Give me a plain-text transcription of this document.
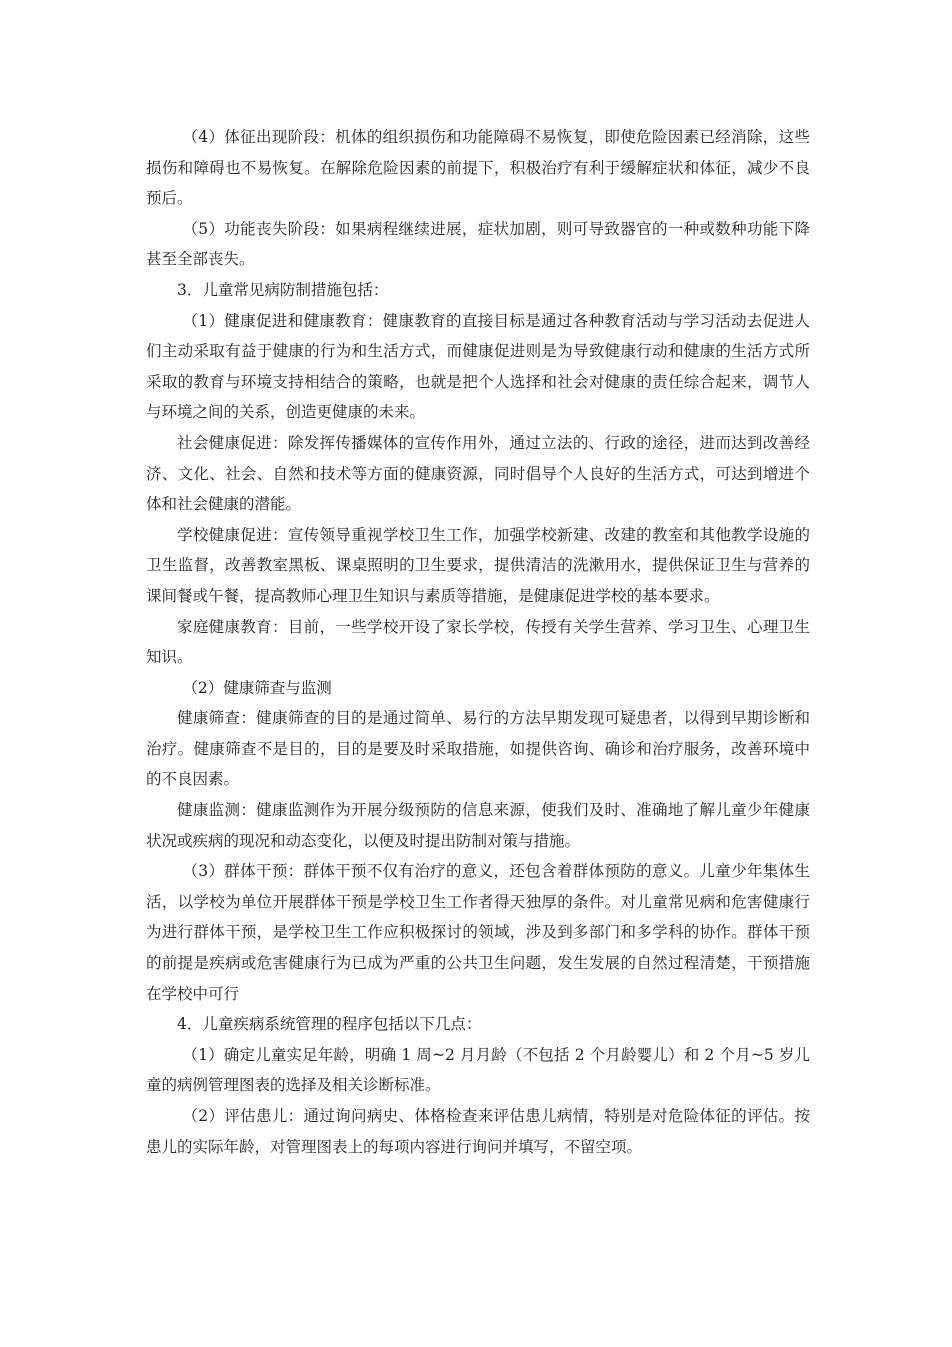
（4）体征出现阶段：机体的组织损伤和功能障碍不易恢复，即使危险因素已经消除，这些损伤和障碍也不易恢复。在解除危险因素的前提下，积极治疗有利于缓解症状和体征，减少不良预后。

（5）功能丧失阶段：如果病程继续进展，症状加剧，则可导致器官的一种或数种功能下降甚至全部丧失。

3．儿童常见病防制措施包括：

（1）健康促进和健康教育：健康教育的直接目标是通过各种教育活动与学习活动去促进人们主动采取有益于健康的行为和生活方式，而健康促进则是为导致健康行动和健康的生活方式所采取的教育与环境支持相结合的策略，也就是把个人选择和社会对健康的责任综合起来，调节人与环境之间的关系，创造更健康的未来。

社会健康促进：除发挥传播媒体的宣传作用外，通过立法的、行政的途径，进而达到改善经济、文化、社会、自然和技术等方面的健康资源，同时倡导个人良好的生活方式，可达到增进个体和社会健康的潜能。

学校健康促进：宣传领导重视学校卫生工作，加强学校新建、改建的教室和其他教学设施的卫生监督，改善教室黑板、课桌照明的卫生要求，提供清洁的洗漱用水，提供保证卫生与营养的课间餐或午餐，提高教师心理卫生知识与素质等措施，是健康促进学校的基本要求。

家庭健康教育：目前，一些学校开设了家长学校，传授有关学生营养、学习卫生、心理卫生知识。

（2）健康筛查与监测

健康筛查：健康筛查的目的是通过简单、易行的方法早期发现可疑患者，以得到早期诊断和治疗。健康筛查不是目的，目的是要及时采取措施，如提供咨询、确诊和治疗服务，改善环境中的不良因素。

健康监测：健康监测作为开展分级预防的信息来源，使我们及时、准确地了解儿童少年健康状况或疾病的现况和动态变化，以便及时提出防制对策与措施。

（3）群体干预：群体干预不仅有治疗的意义，还包含着群体预防的意义。儿童少年集体生活，以学校为单位开展群体干预是学校卫生工作者得天独厚的条件。对儿童常见病和危害健康行为进行群体干预，是学校卫生工作应积极探讨的领域，涉及到多部门和多学科的协作。群体干预的前提是疾病或危害健康行为已成为严重的公共卫生问题，发生发展的自然过程清楚，干预措施在学校中可行

4．儿童疾病系统管理的程序包括以下几点：

（1）确定儿童实足年龄，明确 1 周~2 月月龄（不包括 2 个月龄婴儿）和 2 个月~5 岁儿童的病例管理图表的选择及相关诊断标准。

（2）评估患儿：通过询问病史、体格检查来评估患儿病情，特别是对危险体征的评估。按患儿的实际年龄，对管理图表上的每项内容进行询问并填写，不留空项。
